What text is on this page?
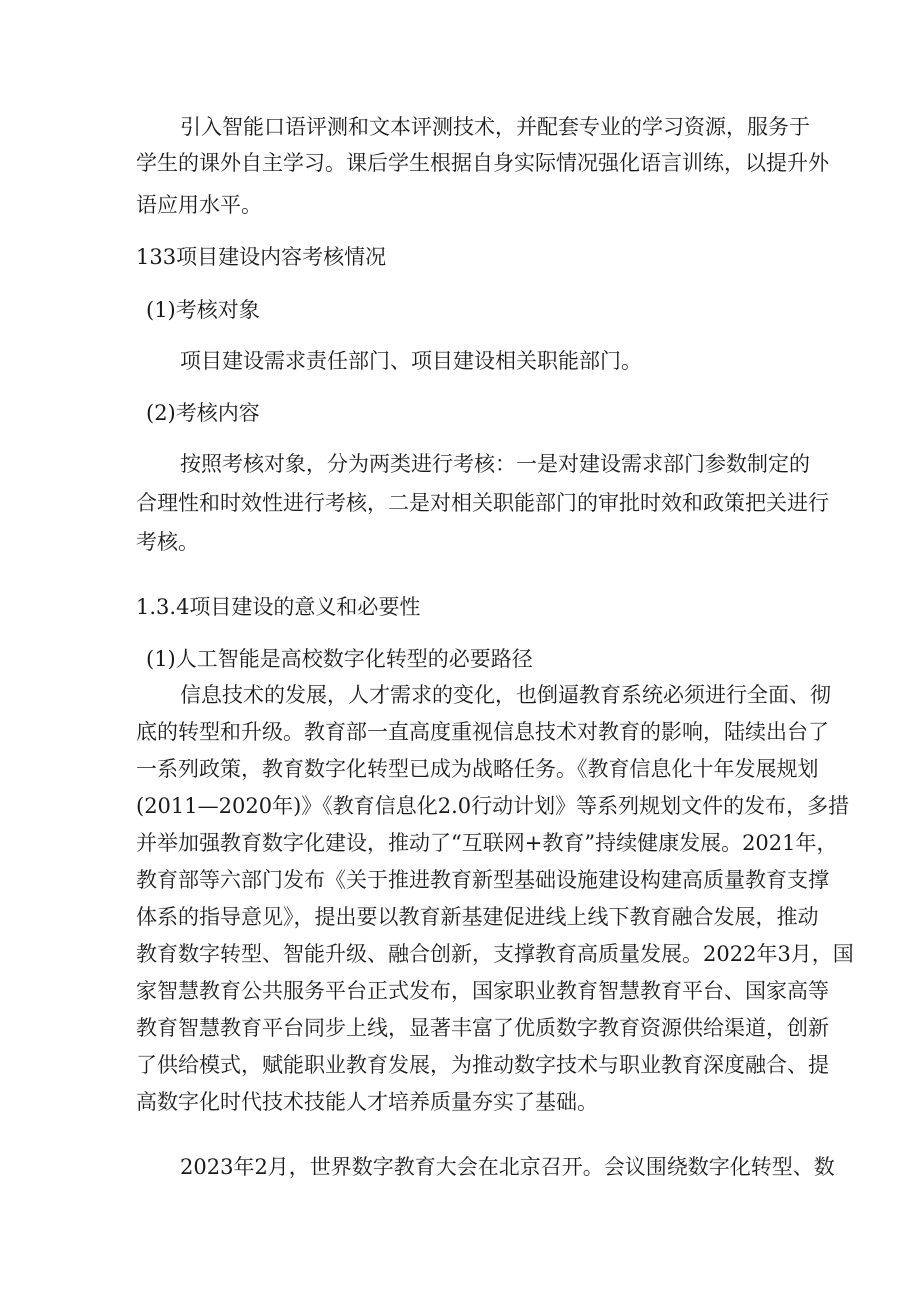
引入智能口语评测和文本评测技术，并配套专业的学习资源，服务于

学生的课外自主学习。课后学生根据自身实际情况强化语言训练，以提升外

语应用水平。

133项目建设内容考核情况

(1)考核对象

项目建设需求责任部门、项目建设相关职能部门。

(2)考核内容

按照考核对象，分为两类进行考核：一是对建设需求部门参数制定的

合理性和时效性进行考核，二是对相关职能部门的审批时效和政策把关进行

考核。

1.3.4项目建设的意义和必要性

(1)人工智能是高校数字化转型的必要路径

信息技术的发展，人才需求的变化，也倒逼教育系统必须进行全面、彻

底的转型和升级。教育部一直高度重视信息技术对教育的影响，陆续出台了

一系列政策，教育数字化转型已成为战略任务。《教育信息化十年发展规划

(2011—2020年)》《教育信息化2.0行动计划》等系列规划文件的发布，多措

并举加强教育数字化建设，推动了“互联网+教育”持续健康发展。2021年，

教育部等六部门发布《关于推进教育新型基础设施建设构建高质量教育支撑

体系的指导意见》，提出要以教育新基建促进线上线下教育融合发展，推动

教育数字转型、智能升级、融合创新，支撑教育高质量发展。2022年3月，国

家智慧教育公共服务平台正式发布，国家职业教育智慧教育平台、国家高等

教育智慧教育平台同步上线，显著丰富了优质数字教育资源供给渠道，创新

了供给模式，赋能职业教育发展，为推动数字技术与职业教育深度融合、提

高数字化时代技术技能人才培养质量夯实了基础。

2023年2月，世界数字教育大会在北京召开。会议围绕数字化转型、数
